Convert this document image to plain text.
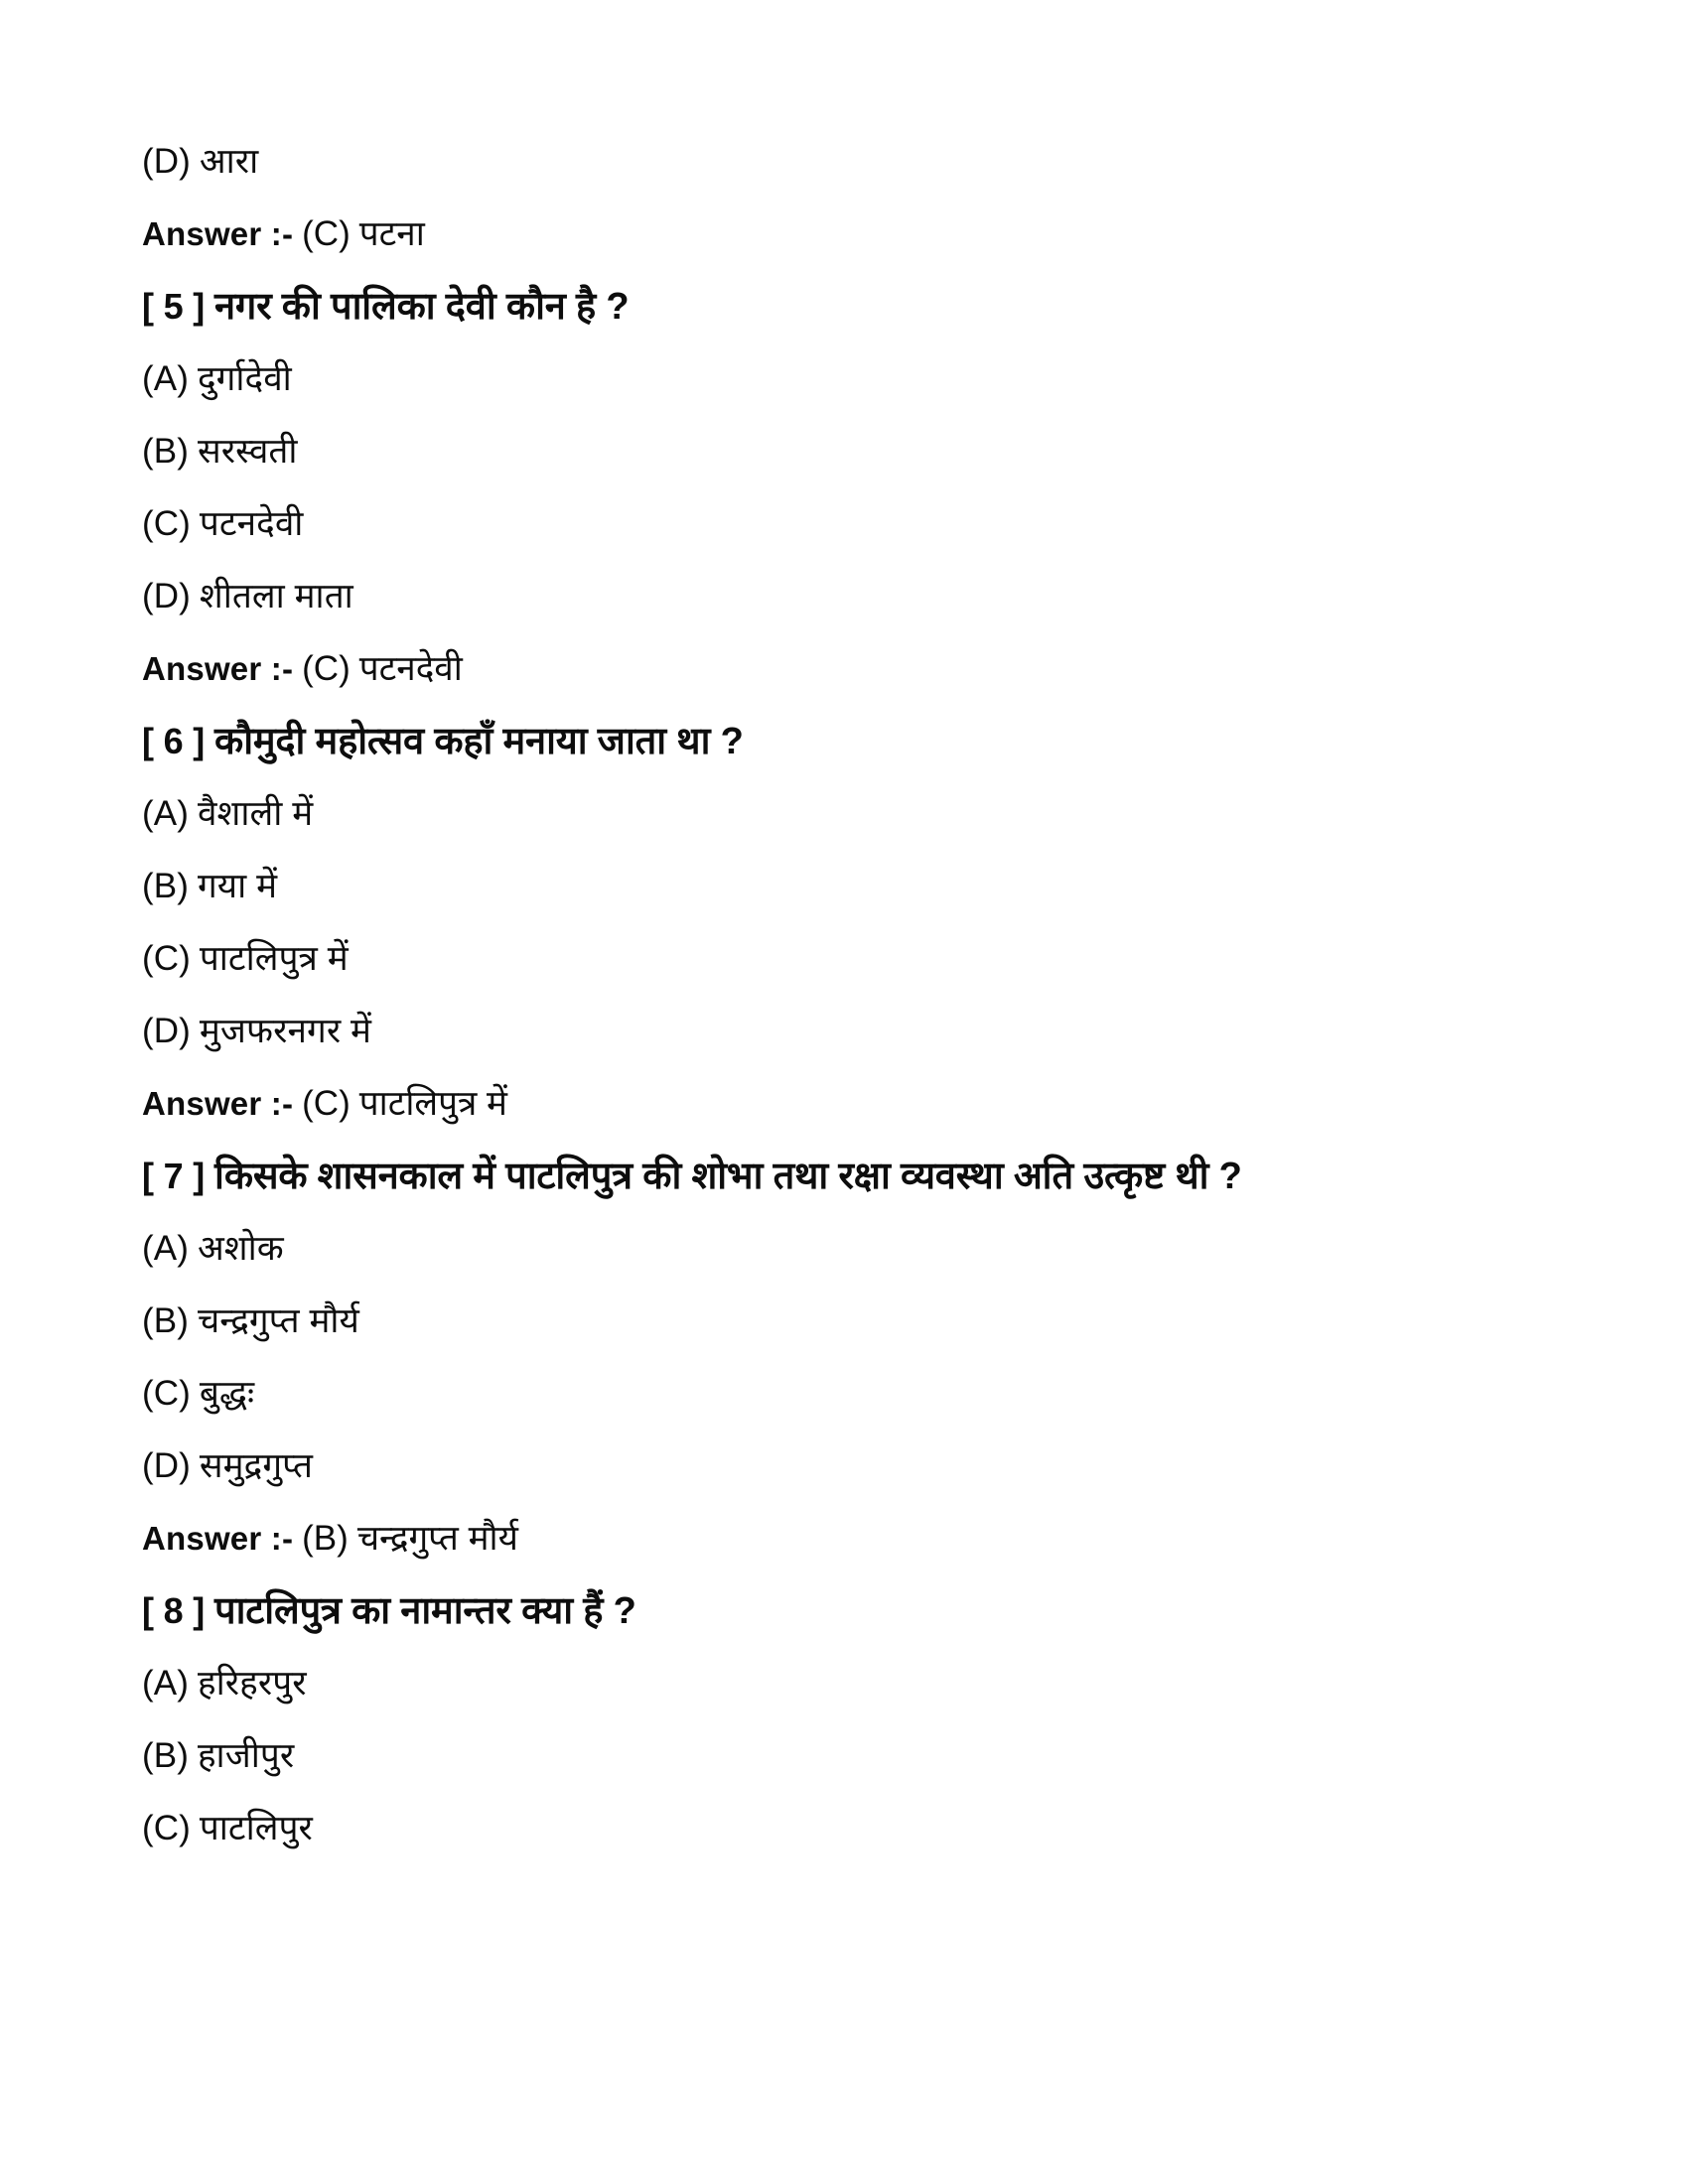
(D) आरा
Answer :- (C) पटना
[ 5 ] नगर की पालिका देवी कौन है ?
(A) दुर्गादेवी
(B) सरस्वती
(C) पटनदेवी
(D) शीतला माता
Answer :- (C) पटनदेवी
[ 6 ] कौमुदी महोत्सव कहाँ मनाया जाता था ?
(A) वैशाली में
(B) गया में
(C) पाटलिपुत्र में
(D) मुजफरनगर में
Answer :- (C) पाटलिपुत्र में
[ 7 ] किसके शासनकाल में पाटलिपुत्र की शोभा तथा रक्षा व्यवस्था अति उत्कृष्ट थी ?
(A) अशोक
(B) चन्द्रगुप्त मौर्य
(C) बुद्धः
(D) समुद्रगुप्त
Answer :- (B) चन्द्रगुप्त मौर्य
[ 8 ] पाटलिपुत्र का नामान्तर क्या हैं ?
(A) हरिहरपुर
(B) हाजीपुर
(C) पाटलिपुर
